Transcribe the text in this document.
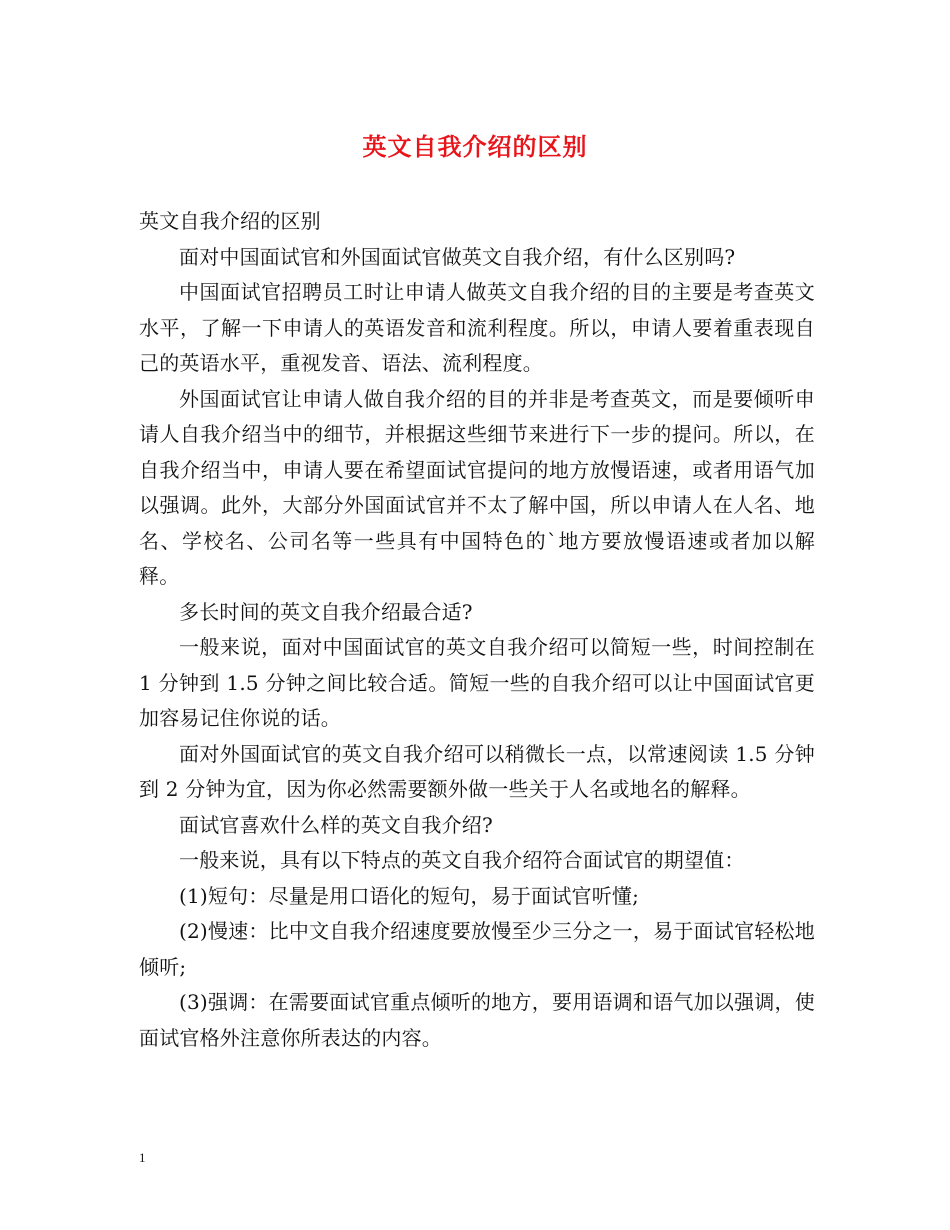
英文自我介绍的区别

英文自我介绍的区别

面对中国面试官和外国面试官做英文自我介绍，有什么区别吗?

中国面试官招聘员工时让申请人做英文自我介绍的目的主要是考查英文水平，了解一下申请人的英语发音和流利程度。所以，申请人要着重表现自己的英语水平，重视发音、语法、流利程度。

外国面试官让申请人做自我介绍的目的并非是考查英文，而是要倾听申请人自我介绍当中的细节，并根据这些细节来进行下一步的提问。所以，在自我介绍当中，申请人要在希望面试官提问的地方放慢语速，或者用语气加以强调。此外，大部分外国面试官并不太了解中国，所以申请人在人名、地名、学校名、公司名等一些具有中国特色的`地方要放慢语速或者加以解释。

多长时间的英文自我介绍最合适?

一般来说，面对中国面试官的英文自我介绍可以简短一些，时间控制在 1 分钟到 1.5 分钟之间比较合适。简短一些的自我介绍可以让中国面试官更加容易记住你说的话。

面对外国面试官的英文自我介绍可以稍微长一点，以常速阅读 1.5 分钟到 2 分钟为宜，因为你必然需要额外做一些关于人名或地名的解释。

面试官喜欢什么样的英文自我介绍?

一般来说，具有以下特点的英文自我介绍符合面试官的期望值：

(1)短句：尽量是用口语化的短句，易于面试官听懂;

(2)慢速：比中文自我介绍速度要放慢至少三分之一，易于面试官轻松地倾听;

(3)强调：在需要面试官重点倾听的地方，要用语调和语气加以强调，使面试官格外注意你所表达的内容。

1
